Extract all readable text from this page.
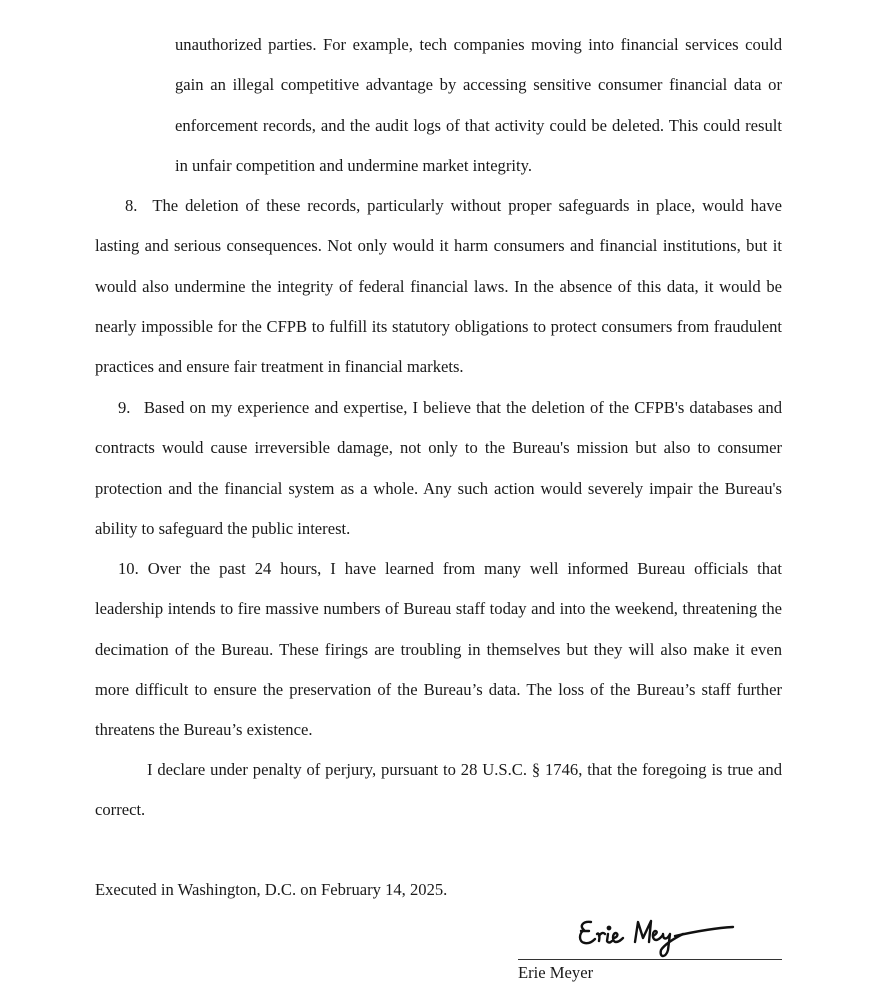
unauthorized parties. For example, tech companies moving into financial services could gain an illegal competitive advantage by accessing sensitive consumer financial data or enforcement records, and the audit logs of that activity could be deleted. This could result in unfair competition and undermine market integrity.

8.  The deletion of these records, particularly without proper safeguards in place, would have lasting and serious consequences. Not only would it harm consumers and financial institutions, but it would also undermine the integrity of federal financial laws. In the absence of this data, it would be nearly impossible for the CFPB to fulfill its statutory obligations to protect consumers from fraudulent practices and ensure fair treatment in financial markets.

9.  Based on my experience and expertise, I believe that the deletion of the CFPB's databases and contracts would cause irreversible damage, not only to the Bureau's mission but also to consumer protection and the financial system as a whole. Any such action would severely impair the Bureau's ability to safeguard the public interest.

10. Over the past 24 hours, I have learned from many well informed Bureau officials that leadership intends to fire massive numbers of Bureau staff today and into the weekend, threatening the decimation of the Bureau. These firings are troubling in themselves but they will also make it even more difficult to ensure the preservation of the Bureau’s data. The loss of the Bureau’s staff further threatens the Bureau’s existence.

I declare under penalty of perjury, pursuant to 28 U.S.C. § 1746, that the foregoing is true and correct.

Executed in Washington, D.C. on February 14, 2025.

Erie Meyer
